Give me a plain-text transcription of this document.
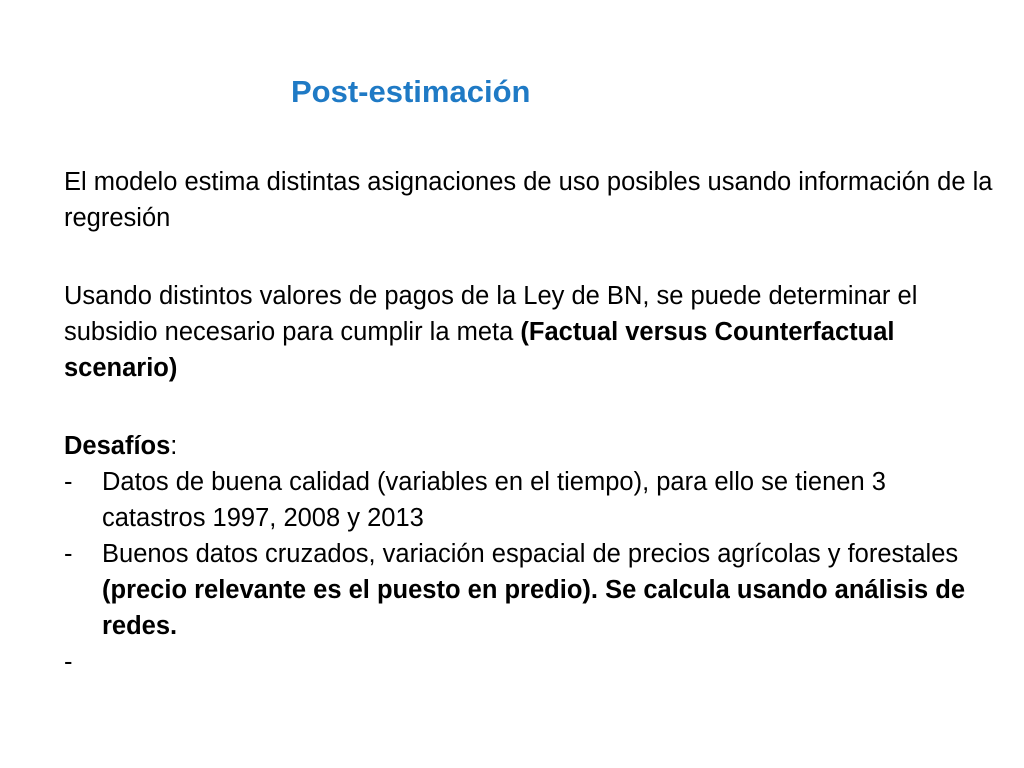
Post-estimación

El modelo estima distintas asignaciones de uso posibles usando información de la regresión

Usando distintos valores de pagos de la Ley de BN, se puede determinar el subsidio necesario para cumplir la meta (Factual versus Counterfactual scenario)

Desafíos:

-	Datos de buena calidad (variables en el tiempo), para ello se tienen 3 catastros 1997, 2008 y 2013
-	Buenos datos cruzados, variación espacial de precios agrícolas y forestales (precio relevante es el puesto en predio). Se calcula usando análisis de redes.
-
